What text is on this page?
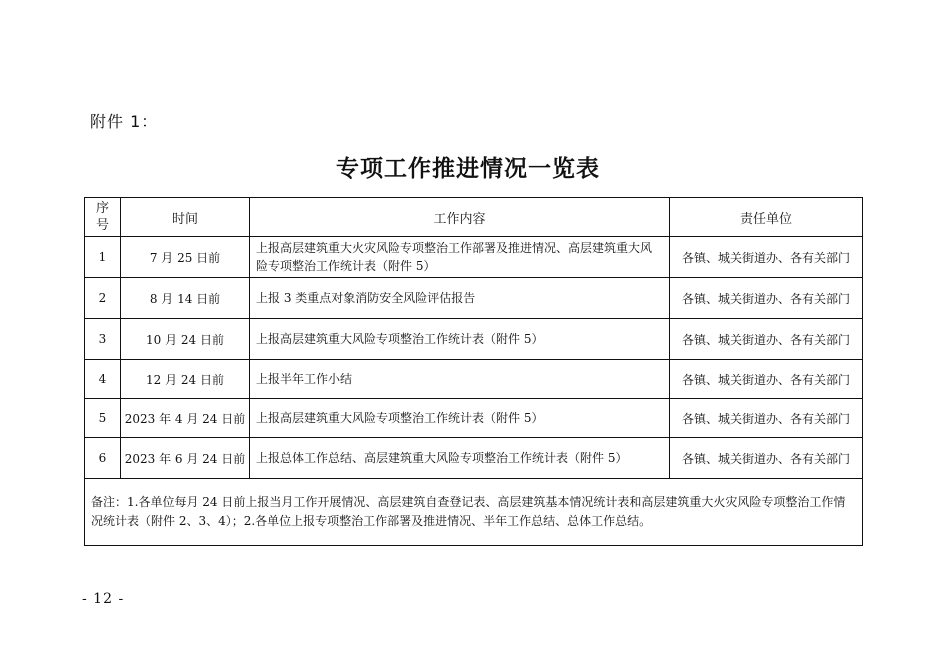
附件 1：
专项工作推进情况一览表
序
号	时间	工作内容	责任单位
1	7 月 25 日前	上报高层建筑重大火灾风险专项整治工作部署及推进情况、高层建筑重大风险专项整治工作统计表（附件 5）	各镇、城关街道办、各有关部门
2	8 月 14 日前	上报 3 类重点对象消防安全风险评估报告	各镇、城关街道办、各有关部门
3	10 月 24 日前	上报高层建筑重大风险专项整治工作统计表（附件 5）	各镇、城关街道办、各有关部门
4	12 月 24 日前	上报半年工作小结	各镇、城关街道办、各有关部门
5	2023 年 4 月 24 日前	上报高层建筑重大风险专项整治工作统计表（附件 5）	各镇、城关街道办、各有关部门
6	2023 年 6 月 24 日前	上报总体工作总结、高层建筑重大风险专项整治工作统计表（附件 5）	各镇、城关街道办、各有关部门
备注：1.各单位每月 24 日前上报当月工作开展情况、高层建筑自查登记表、高层建筑基本情况统计表和高层建筑重大火灾风险专项整治工作情况统计表（附件 2、3、4）；2.各单位上报专项整治工作部署及推进情况、半年工作总结、总体工作总结。			
- 12 -
